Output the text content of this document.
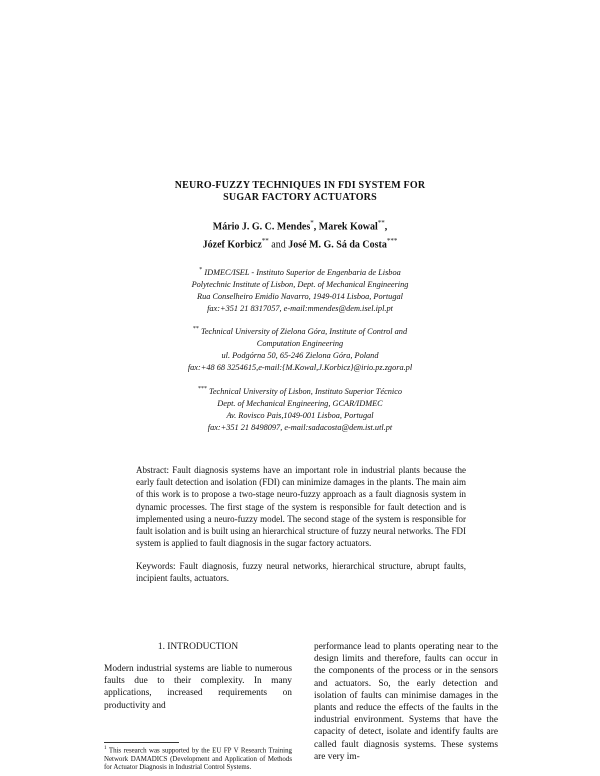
NEURO-FUZZY TECHNIQUES IN FDI SYSTEM FOR
SUGAR FACTORY ACTUATORS
Mário J. G. C. Mendes*, Marek Kowal**,
Józef Korbicz** and José M. G. Sá da Costa***
* IDMEC/ISEL - Instituto Superior de Engenbaria de Lisboa
Polytechnic Institute of Lisbon, Dept. of Mechanical Engineering
Rua Conselheiro Emidio Navarro, 1949-014 Lisboa, Portugal
fax:+351 21 8317057, e-mail:mmendes@dem.isel.ipl.pt
** Technical University of Zielona Góra, Institute of Control and
Computation Engineering
ul. Podgórna 50, 65-246 Zielona Góra, Poland
fax:+48 68 3254615,e-mail:{M.Kowal,J.Korbicz}@irio.pz.zgora.pl
*** Technical University of Lisbon, Instituto Superior Técnico
Dept. of Mechanical Engineering, GCAR/IDMEC
Av. Rovisco Pais,1049-001 Lisboa, Portugal
fax:+351 21 8498097, e-mail:sadacosta@dem.ist.utl.pt
Abstract: Fault diagnosis systems have an important role in industrial plants because the early fault detection and isolation (FDI) can minimize damages in the plants. The main aim of this work is to propose a two-stage neuro-fuzzy approach as a fault diagnosis system in dynamic processes. The first stage of the system is responsible for fault detection and is implemented using a neuro-fuzzy model. The second stage of the system is responsible for fault isolation and is built using an hierarchical structure of fuzzy neural networks. The FDI system is applied to fault diagnosis in the sugar factory actuators.
Keywords: Fault diagnosis, fuzzy neural networks, hierarchical structure, abrupt faults, incipient faults, actuators.
1. INTRODUCTION
Modern industrial systems are liable to numerous faults due to their complexity. In many applications, increased requirements on productivity and
performance lead to plants operating near to the design limits and therefore, faults can occur in the components of the process or in the sensors and actuators. So, the early detection and isolation of faults can minimise damages in the plants and reduce the effects of the faults in the industrial environment. Systems that have the capacity of detect, isolate and identify faults are called fault diagnosis systems. These systems are very im-
$^1$ This research was supported by the EU FP V Research Training Network DAMADICS (Development and Application of Methods for Actuator Diagnosis in Industrial Control Systems.
